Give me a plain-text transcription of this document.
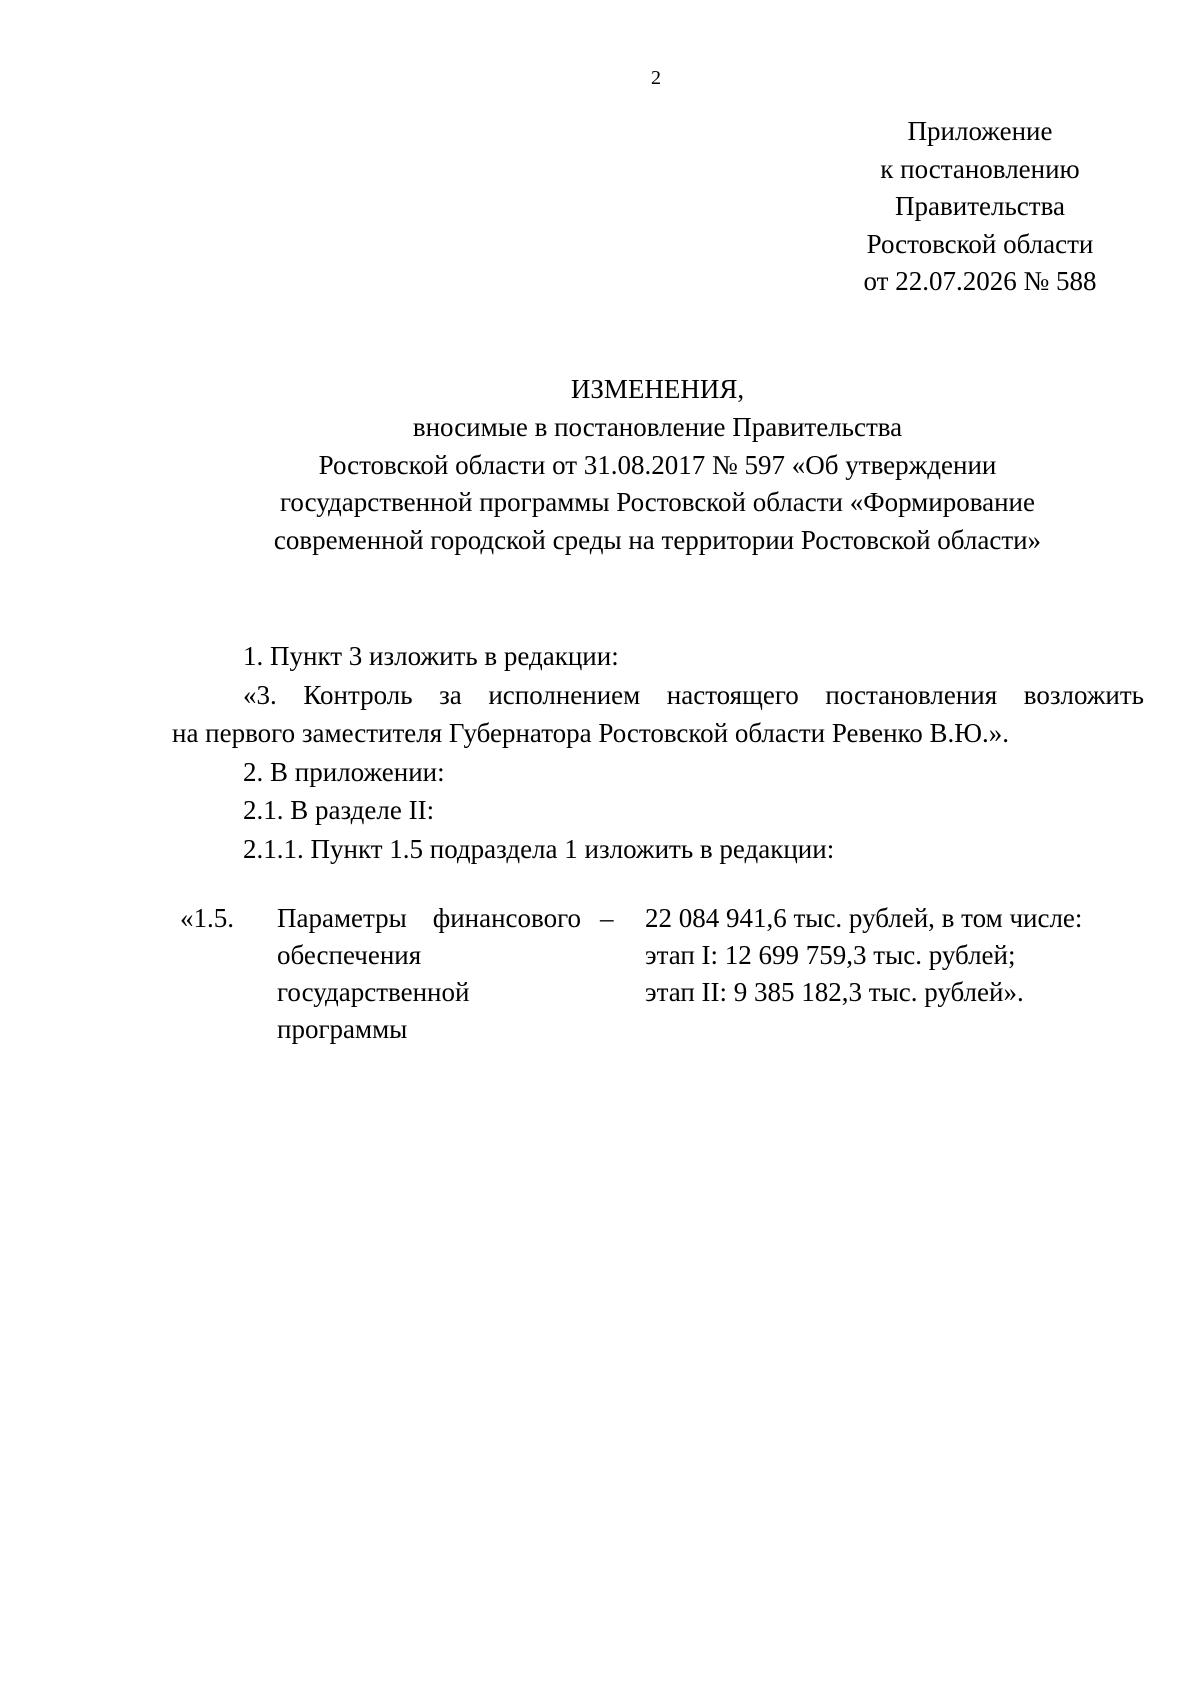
2
Приложение
к постановлению
Правительства
Ростовской области
от 22.07.2026 № 588
ИЗМЕНЕНИЯ,
вносимые в постановление Правительства
Ростовской области от 31.08.2017 № 597 «Об утверждении
государственной программы Ростовской области «Формирование
современной городской среды на территории Ростовской области»
1. Пункт 3 изложить в редакции:
«3. Контроль за исполнением настоящего постановления возложить
на первого заместителя Губернатора Ростовской области Ревенко В.Ю.».
2. В приложении:
2.1. В разделе II:
2.1.1. Пункт 1.5 подраздела 1 изложить в редакции:
«1.5. Параметры финансового
обеспечения
государственной
программы
– 22 084 941,6 тыс. рублей, в том числе:
этап I: 12 699 759,3 тыс. рублей;
этап II: 9 385 182,3 тыс. рублей».
